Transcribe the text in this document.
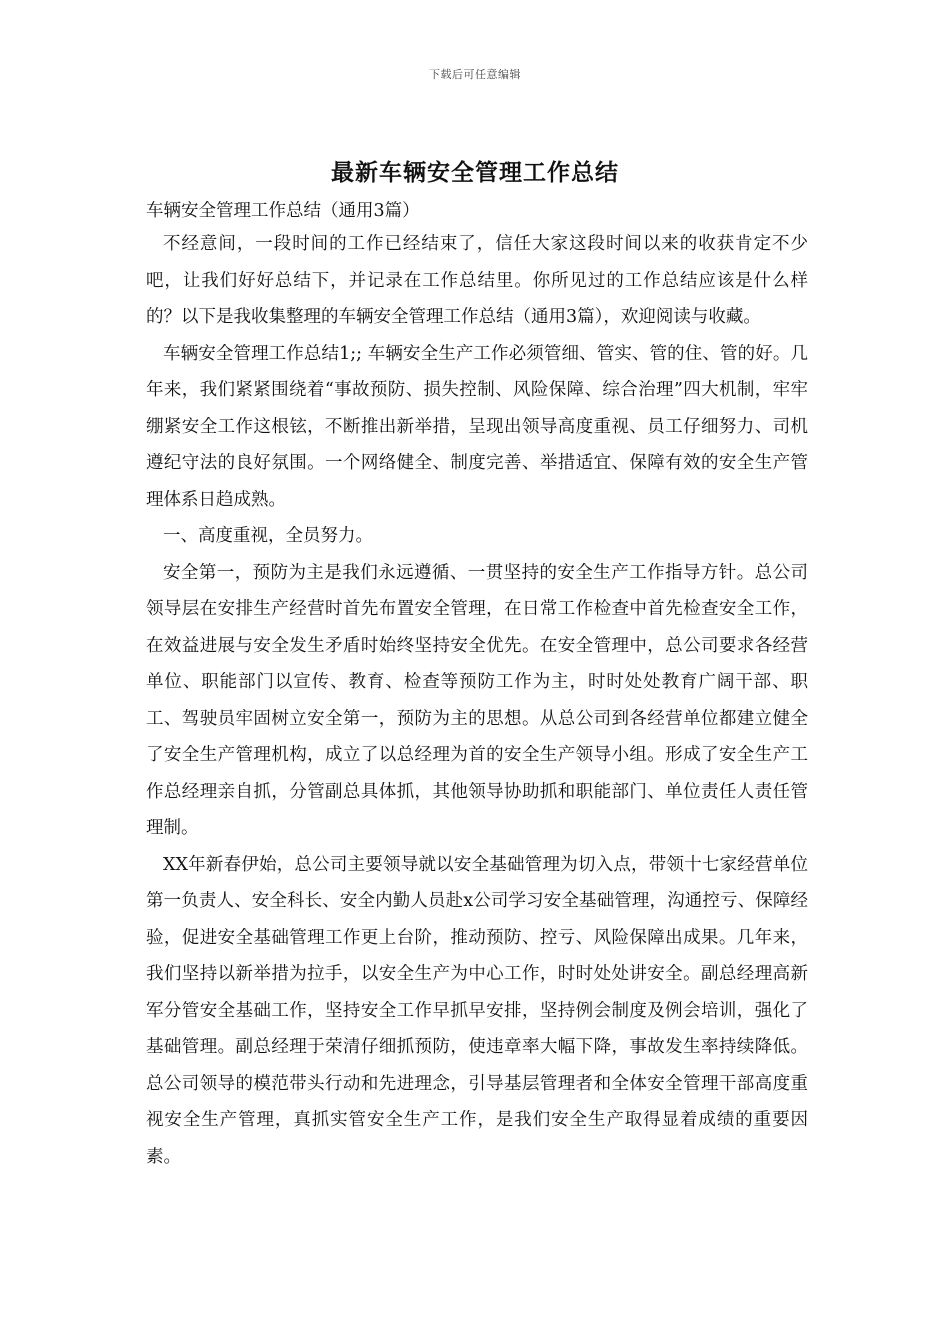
下载后可任意编辑
最新车辆安全管理工作总结

车辆安全管理工作总结（通用3篇）

不经意间，一段时间的工作已经结束了，信任大家这段时间以来的收获肯定不少吧，让我们好好总结下，并记录在工作总结里。你所见过的工作总结应该是什么样的？以下是我收集整理的车辆安全管理工作总结（通用3篇），欢迎阅读与收藏。

车辆安全管理工作总结1;; 车辆安全生产工作必须管细、管实、管的住、管的好。几年来，我们紧紧围绕着“事故预防、损失控制、风险保障、综合治理”四大机制，牢牢绷紧安全工作这根铉，不断推出新举措，呈现出领导高度重视、员工仔细努力、司机遵纪守法的良好氛围。一个网络健全、制度完善、举措适宜、保障有效的安全生产管理体系日趋成熟。

一、高度重视，全员努力。

安全第一，预防为主是我们永远遵循、一贯坚持的安全生产工作指导方针。总公司领导层在安排生产经营时首先布置安全管理，在日常工作检查中首先检查安全工作，在效益进展与安全发生矛盾时始终坚持安全优先。在安全管理中，总公司要求各经营单位、职能部门以宣传、教育、检查等预防工作为主，时时处处教育广阔干部、职工、驾驶员牢固树立安全第一，预防为主的思想。从总公司到各经营单位都建立健全了安全生产管理机构，成立了以总经理为首的安全生产领导小组。形成了安全生产工作总经理亲自抓，分管副总具体抓，其他领导协助抓和职能部门、单位责任人责任管理制。

XX年新春伊始，总公司主要领导就以安全基础管理为切入点，带领十七家经营单位第一负责人、安全科长、安全内勤人员赴x公司学习安全基础管理，沟通控亏、保障经验，促进安全基础管理工作更上台阶，推动预防、控亏、风险保障出成果。几年来，我们坚持以新举措为拉手，以安全生产为中心工作，时时处处讲安全。副总经理高新军分管安全基础工作，坚持安全工作早抓早安排，坚持例会制度及例会培训，强化了基础管理。副总经理于荣清仔细抓预防，使违章率大幅下降，事故发生率持续降低。总公司领导的模范带头行动和先进理念，引导基层管理者和全体安全管理干部高度重视安全生产管理，真抓实管安全生产工作，是我们安全生产取得显着成绩的重要因素。
